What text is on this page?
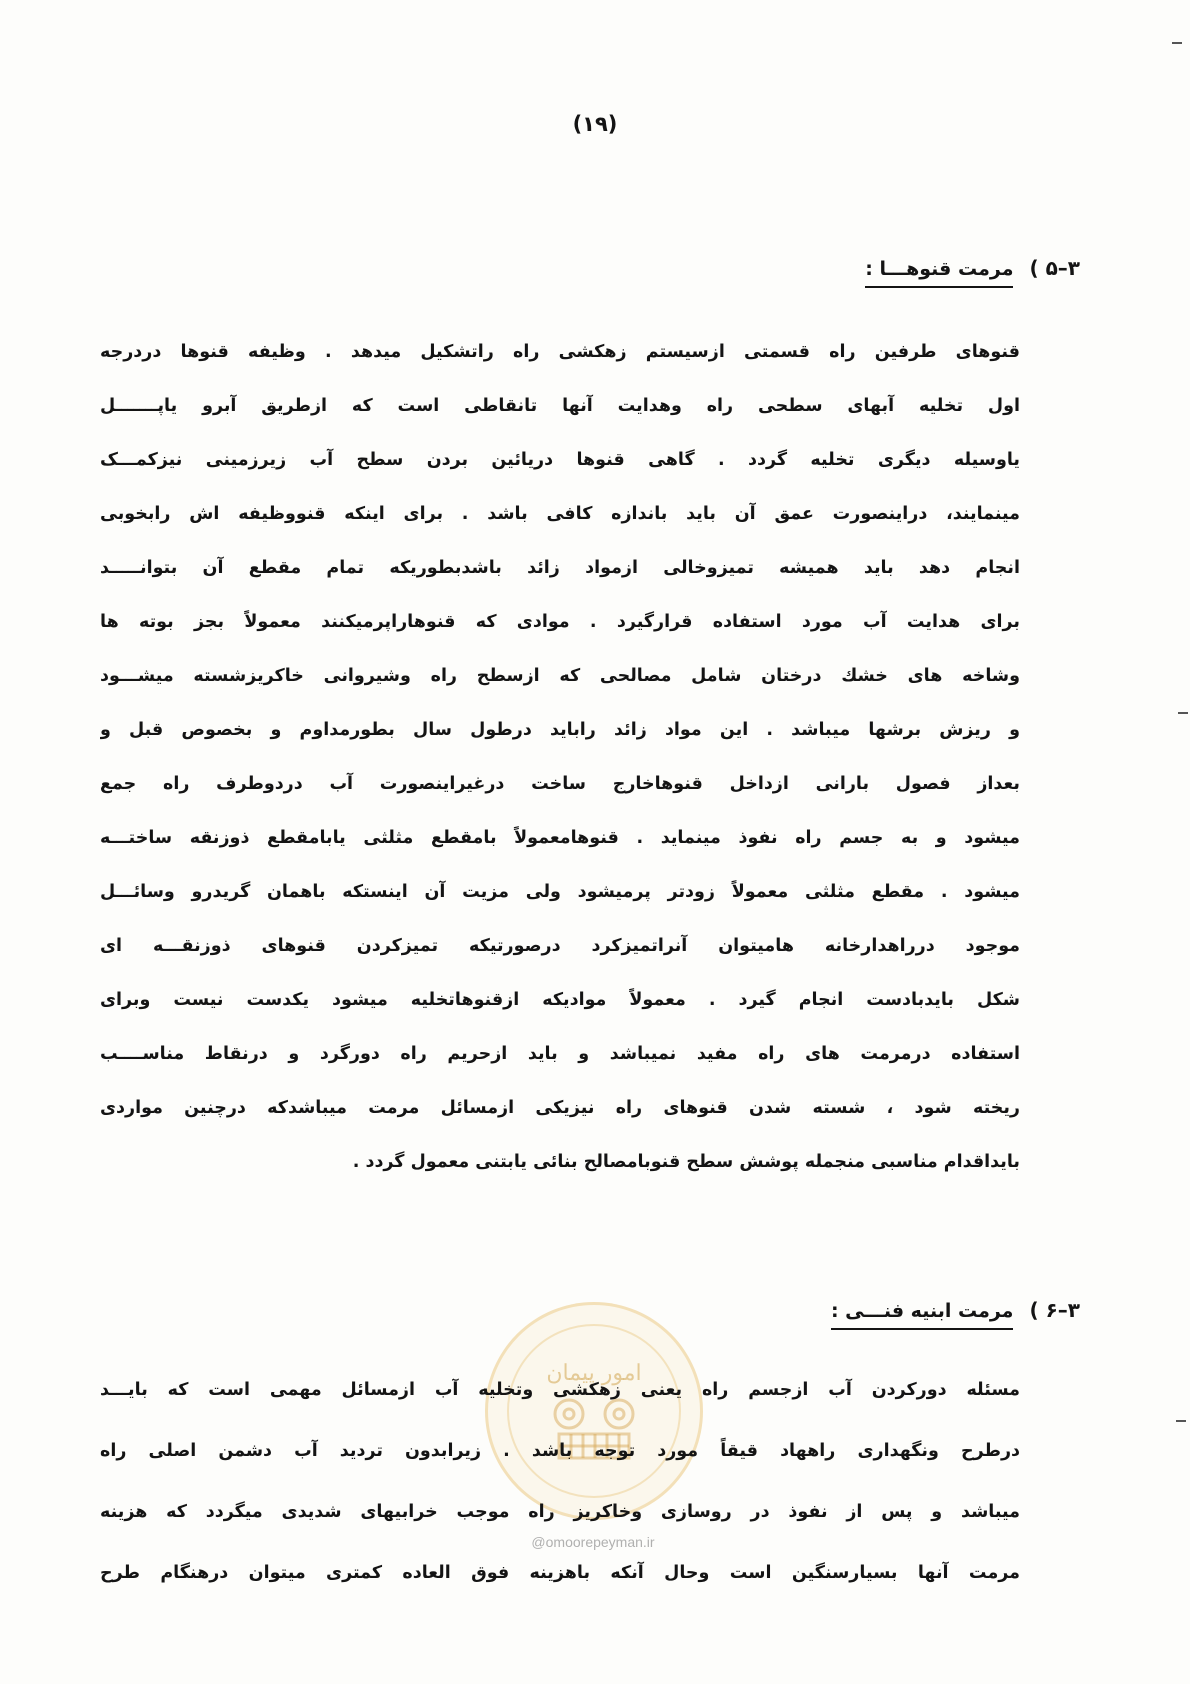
(۱۹)
۳–۵ )
مرمت قنوهـــا :
قنوهای طرفین راه قسمتی ازسیستم زهکشی راه راتشکیل میدهد . وظیفه قنوها دردرجه
اول تخلیه آبهای سطحی راه وهدایت آنها تانقاطی است که ازطریق آبرو یاپـــــــل
یاوسیله دیگری تخلیه گردد . گاهی قنوها دریائین بردن سطح آب زیرزمینی نیزکمـــک
مینمایند، دراینصورت عمق آن باید باندازه کافی باشد . برای اینکه قنووظیفه اش رابخوبی
انجام دهد باید همیشه تمیزوخالی ازمواد زائد باشدبطوریکه تمام مقطع آن بتوانـــــد
برای هدایت آب مورد استفاده قرارگیرد . موادی که قنوهاراپرمیکنند معمولاً بجز بوته ها
وشاخه های خشك درختان شامل مصالحی که ازسطح راه وشیروانی خاکریزشسته میشـــود
و ریزش برشها میباشد . این مواد زائد راباید درطول سال بطورمداوم و بخصوص قبل و
بعداز فصول بارانی ازداخل قنوهاخارج ساخت درغیراینصورت آب دردوطرف راه جمع
میشود و به جسم راه نفوذ مینماید . قنوهامعمولاً بامقطع مثلثی یابامقطع ذوزنقه ساختـــه
میشود . مقطع مثلثی معمولاً زودتر پرمیشود ولی مزیت آن اینستکه باهمان گریدرو وسائـــل
موجود درراهدارخانه هامیتوان آنراتمیزکرد درصورتیکه تمیزکردن قنوهای ذوزنقـــه ای
شکل بایدبادست انجام گیرد . معمولاً موادیکه ازقنوهاتخلیه میشود یکدست نیست وبرای
استفاده درمرمت های راه مفید نمیباشد و باید ازحریم راه دورگرد و درنقاط مناســــب
ریخته شود ، شسته شدن قنوهای راه نیزیکی ازمسائل مرمت میباشدکه درچنین مواردی
بایداقدام مناسبی منجمله پوشش سطح قنوبامصالح بنائی یابتنی معمول گردد .
۳–۶ )
مرمت ابنیه فنـــی :
امور پیمان
@omoorepeyman.ir
مسئله دورکردن آب ازجسم راه یعنی زهکشی وتخلیه آب ازمسائل مهمی است که بایـــد
درطرح ونگهداری راههاد قیقاً مورد توجه باشد . زیرابدون تردید آب دشمن اصلی راه
میباشد و پس از نفوذ در روسازی وخاکریز راه موجب خرابیهای شدیدی میگردد که هزینه
مرمت آنها بسیارسنگین است وحال آنکه باهزینه فوق العاده کمتری میتوان درهنگام طرح
